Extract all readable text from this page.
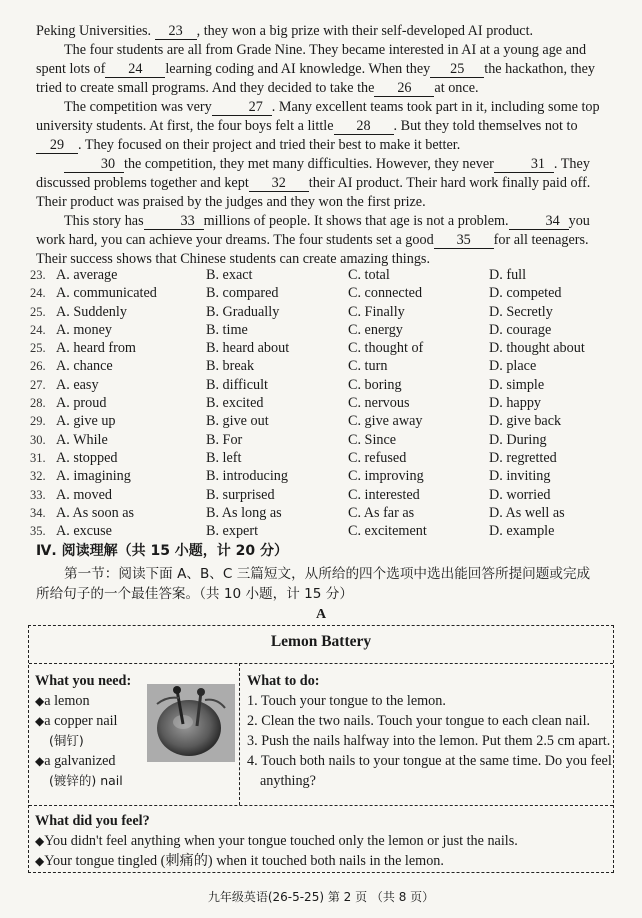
Peking Universities. 23 , they won a big prize with their self-developed AI product.

The four students are all from Grade Nine. They became interested in AI at a young age and

spent lots of 24 learning coding and AI knowledge. When they 25 the hackathon, they

tried to create small programs. And they decided to take the 26 at once.

The competition was very	27 . Many excellent teams took part in it, including some top

university students. At first, the four boys felt a little 28 . But they told themselves not to

29 . They focused on their project and tried their best to make it better.

30 the competition, they met many difficulties. However, they never	31 . They

discussed problems together and kept 32 their AI product. Their hard work finally paid off.

Their product was praised by the judges and they won the first prize.

This story has	33 millions of people. It shows that age is not a problem.	34 you

work hard, you can achieve your dreams. The four students set a good 35 for all teenagers.

Their success shows that Chinese students can create amazing things.

23. A. average	B. exact	C. total	D. full
24. A. communicated	B. compared	C. connected	D. competed
25. A. Suddenly	B. Gradually	C. Finally	D. Secretly
24. A. money	B. time	C. energy	D. courage
25. A. heard from	B. heard about	C. thought of	D. thought about
26. A. chance	B. break	C. turn	D. place
27. A. easy	B. difficult	C. boring	D. simple
28. A. proud	B. excited	C. nervous	D. happy
29. A. give up	B. give out	C. give away	D. give back
30. A. While	B. For	C. Since	D. During
31. A. stopped	B. left	C. refused	D. regretted
32. A. imagining	B. introducing	C. improving	D. inviting
33. A. moved	B. surprised	C. interested	D. worried
34. A. As soon as	B. As long as	C. As far as	D. As well as
35. A. excuse	B. expert	C. excitement	D. example
Ⅳ. 阅读理解（共 15 小题，计 20 分）
第一节：阅读下面 A、B、C 三篇短文，从所给的四个选项中选出能回答所提问题或完成
所给句子的一个最佳答案。（共 10 小题，计 15 分）
A
Lemon Battery
What you need:
◆a lemon
◆a copper nail
(铜钉)
◆a galvanized
(镀锌的) nail
What to do:
1. Touch your tongue to the lemon.
2. Clean the two nails. Touch your tongue to each clean nail.
3. Push the nails halfway into the lemon. Put them 2.5 cm apart.
4. Touch both nails to your tongue at the same time. Do you feel
anything?
What did you feel?
◆You didn't feel anything when your tongue touched only the lemon or just the nails.
◆Your tongue tingled (刺痛的) when it touched both nails in the lemon.
九年级英语(26-5-25) 第 2 页 （共 8 页）
